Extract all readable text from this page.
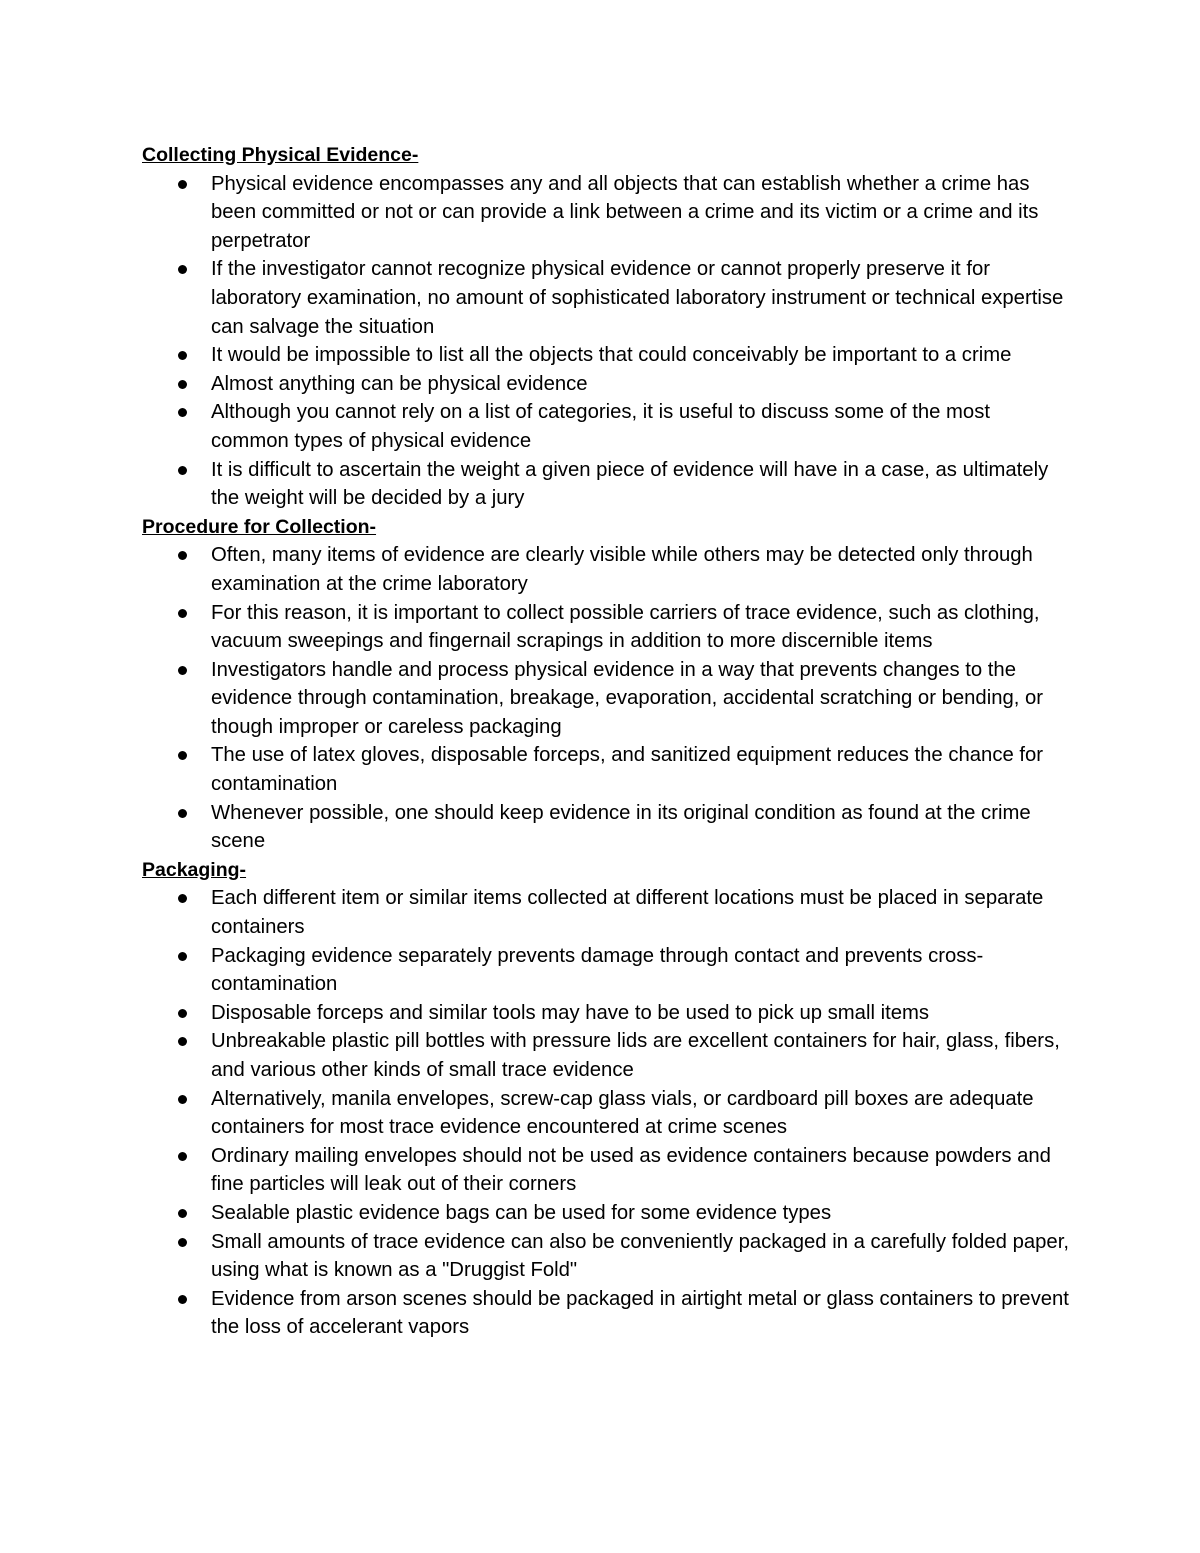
Collecting Physical Evidence-
Physical evidence encompasses any and all objects that can establish whether a crime has been committed or not or can provide a link between a crime and its victim or a crime and its perpetrator
If the investigator cannot recognize physical evidence or cannot properly preserve it for laboratory examination, no amount of sophisticated laboratory instrument or technical expertise can salvage the situation
It would be impossible to list all the objects that could conceivably be important to a crime
Almost anything can be physical evidence
Although you cannot rely on a list of categories, it is useful to discuss some of the most common types of physical evidence
It is difficult to ascertain the weight a given piece of evidence will have in a case, as ultimately the weight will be decided by a jury
Procedure for Collection-
Often, many items of evidence are clearly visible while others may be detected only through examination at the crime laboratory
For this reason, it is important to collect possible carriers of trace evidence, such as clothing, vacuum sweepings and fingernail scrapings in addition to more discernible items
Investigators handle and process physical evidence in a way that prevents changes to the evidence through contamination, breakage, evaporation, accidental scratching or bending, or though improper or careless packaging
The use of latex gloves, disposable forceps, and sanitized equipment reduces the chance for contamination
Whenever possible, one should keep evidence in its original condition as found at the crime scene
Packaging-
Each different item or similar items collected at different locations must be placed in separate containers
Packaging evidence separately prevents damage through contact and prevents cross-contamination
Disposable forceps and similar tools may have to be used to pick up small items
Unbreakable plastic pill bottles with pressure lids are excellent containers for hair, glass, fibers, and various other kinds of small trace evidence
Alternatively, manila envelopes, screw-cap glass vials, or cardboard pill boxes are adequate containers for most trace evidence encountered at crime scenes
Ordinary mailing envelopes should not be used as evidence containers because powders and fine particles will leak out of their corners
Sealable plastic evidence bags can be used for some evidence types
Small amounts of trace evidence can also be conveniently packaged in a carefully folded paper, using what is known as a "Druggist Fold"
Evidence from arson scenes should be packaged in airtight metal or glass containers to prevent the loss of accelerant vapors
